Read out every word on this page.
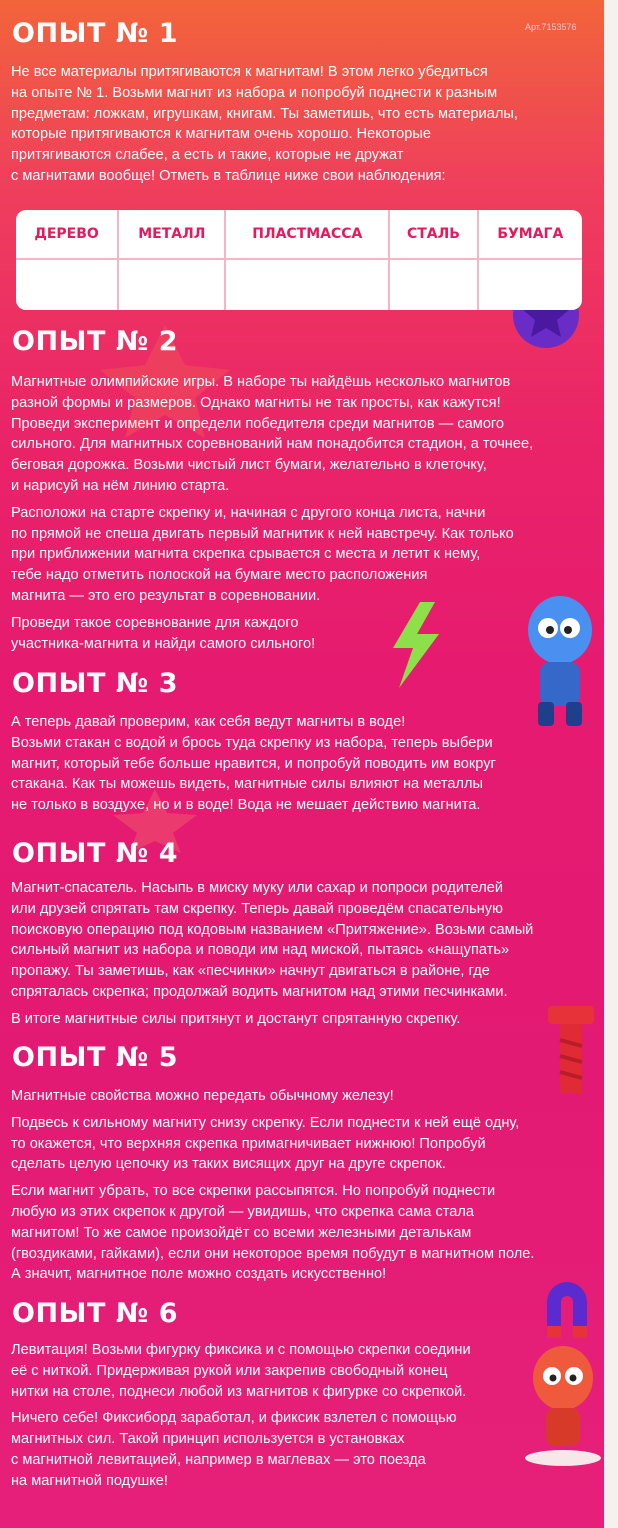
Арт.7153576
ОПЫТ № 1

Не все материалы притягиваются к магнитам! В этом легко убедиться
на опыте № 1. Возьми магнит из набора и попробуй поднести к разным
предметам: ложкам, игрушкам, книгам. Ты заметишь, что есть материалы,
которые притягиваются к магнитам очень хорошо. Некоторые
притягиваются слабее, а есть и такие, которые не дружат
с магнитами вообще! Отметь в таблице ниже свои наблюдения:

ДЕРЕВО	МЕТАЛЛ	ПЛАСТМАССА	СТАЛЬ	БУМАГА

ОПЫТ № 2

Магнитные олимпийские игры. В наборе ты найдёшь несколько магнитов
разной формы и размеров. Однако магниты не так просты, как кажутся!
Проведи эксперимент и определи победителя среди магнитов — самого
сильного. Для магнитных соревнований нам понадобится стадион, а точнее,
беговая дорожка. Возьми чистый лист бумаги, желательно в клеточку,
и нарисуй на нём линию старта.

Расположи на старте скрепку и, начиная с другого конца листа, начни
по прямой не спеша двигать первый магнитик к ней навстречу. Как только
при приближении магнита скрепка срывается с места и летит к нему,
тебе надо отметить полоской на бумаге место расположения
магнита — это его результат в соревновании.

Проведи такое соревнование для каждого
участника-магнита и найди самого сильного!

ОПЫТ № 3

А теперь давай проверим, как себя ведут магниты в воде!
Возьми стакан с водой и брось туда скрепку из набора, теперь выбери
магнит, который тебе больше нравится, и попробуй поводить им вокруг
стакана. Как ты можешь видеть, магнитные силы влияют на металлы
не только в воздухе, но и в воде! Вода не мешает действию магнита.

ОПЫТ № 4

Магнит-спасатель. Насыпь в миску муку или сахар и попроси родителей
или друзей спрятать там скрепку. Теперь давай проведём спасательную
поисковую операцию под кодовым названием «Притяжение». Возьми самый
сильный магнит из набора и поводи им над миской, пытаясь «нащупать»
пропажу. Ты заметишь, как «песчинки» начнут двигаться в районе, где
спряталась скрепка; продолжай водить магнитом над этими песчинками.

В итоге магнитные силы притянут и достанут спрятанную скрепку.

ОПЫТ № 5

Магнитные свойства можно передать обычному железу!

Подвесь к сильному магниту снизу скрепку. Если поднести к ней ещё одну,
то окажется, что верхняя скрепка примагничивает нижнюю! Попробуй
сделать целую цепочку из таких висящих друг на друге скрепок.

Если магнит убрать, то все скрепки рассыпятся. Но попробуй поднести
любую из этих скрепок к другой — увидишь, что скрепка сама стала
магнитом! То же самое произойдёт со всеми железными деталькам
(гвоздиками, гайками), если они некоторое время побудут в магнитном поле.
А значит, магнитное поле можно создать искусственно!

ОПЫТ № 6

Левитация! Возьми фигурку фиксика и с помощью скрепки соедини
её с ниткой. Придерживая рукой или закрепив свободный конец
нитки на столе, поднеси любой из магнитов к фигурке со скрепкой.

Ничего себе! Фиксиборд заработал, и фиксик взлетел с помощью
магнитных сил. Такой принцип используется в установках
с магнитной левитацией, например в маглевах — это поезда
на магнитной подушке!
